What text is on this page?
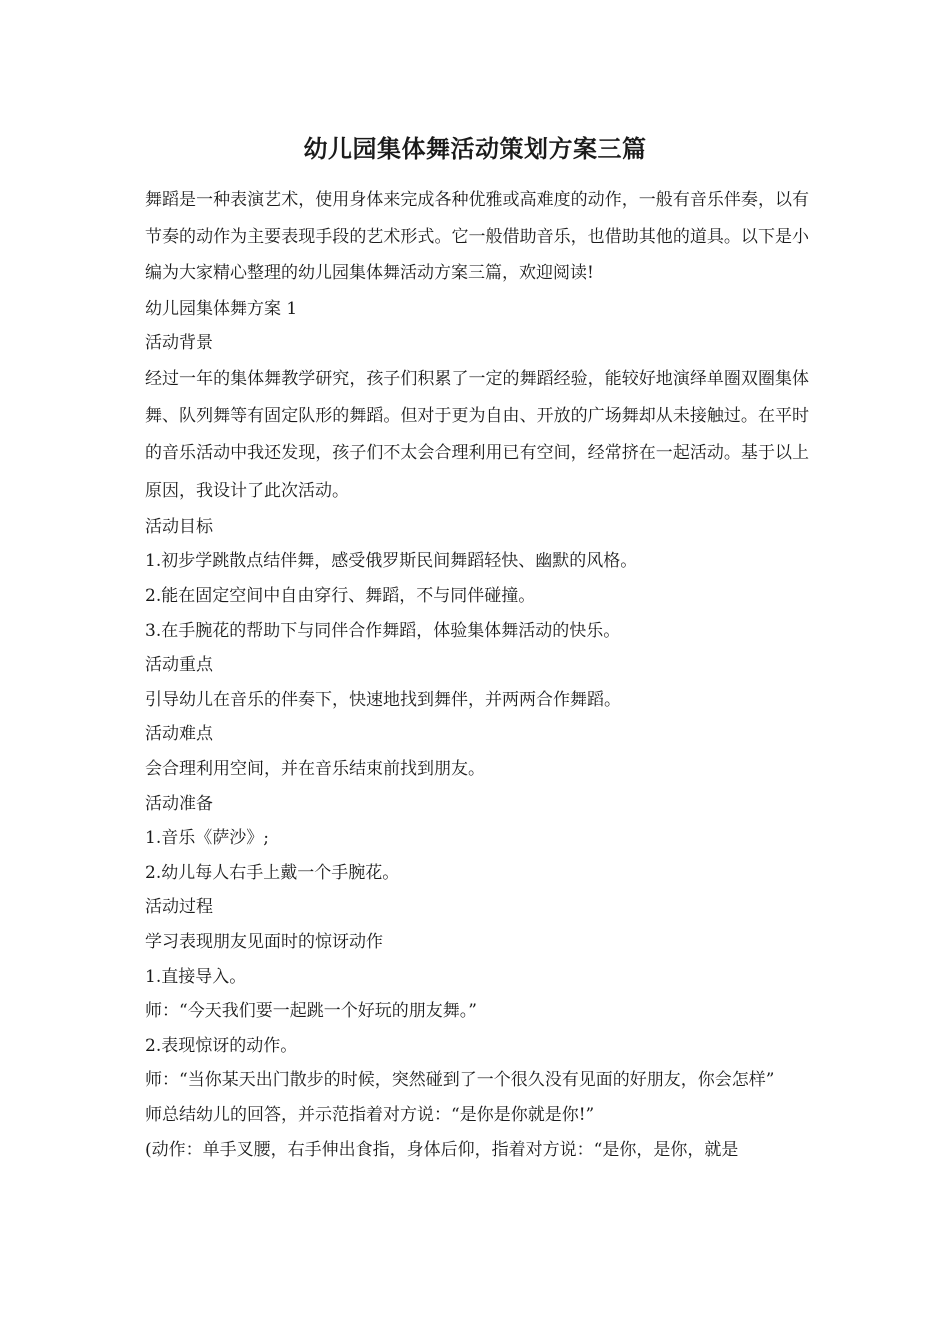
幼儿园集体舞活动策划方案三篇

舞蹈是一种表演艺术，使用身体来完成各种优雅或高难度的动作，一般有音乐伴奏，以有节奏的动作为主要表现手段的艺术形式。它一般借助音乐，也借助其他的道具。以下是小编为大家精心整理的幼儿园集体舞活动方案三篇，欢迎阅读!

幼儿园集体舞方案 1

活动背景

经过一年的集体舞教学研究，孩子们积累了一定的舞蹈经验，能较好地演绎单圈双圈集体舞、队列舞等有固定队形的舞蹈。但对于更为自由、开放的广场舞却从未接触过。在平时的音乐活动中我还发现，孩子们不太会合理利用已有空间，经常挤在一起活动。基于以上原因，我设计了此次活动。

活动目标

1.初步学跳散点结伴舞，感受俄罗斯民间舞蹈轻快、幽默的风格。

2.能在固定空间中自由穿行、舞蹈，不与同伴碰撞。

3.在手腕花的帮助下与同伴合作舞蹈，体验集体舞活动的快乐。

活动重点

引导幼儿在音乐的伴奏下，快速地找到舞伴，并两两合作舞蹈。

活动难点

会合理利用空间，并在音乐结束前找到朋友。

活动准备

1.音乐《萨沙》;

2.幼儿每人右手上戴一个手腕花。

活动过程

学习表现朋友见面时的惊讶动作

1.直接导入。

师：“今天我们要一起跳一个好玩的朋友舞。”

2.表现惊讶的动作。

师：“当你某天出门散步的时候，突然碰到了一个很久没有见面的好朋友，你会怎样”

师总结幼儿的回答，并示范指着对方说：“是你是你就是你!”

(动作：单手叉腰，右手伸出食指，身体后仰，指着对方说：“是你，是你，就是
